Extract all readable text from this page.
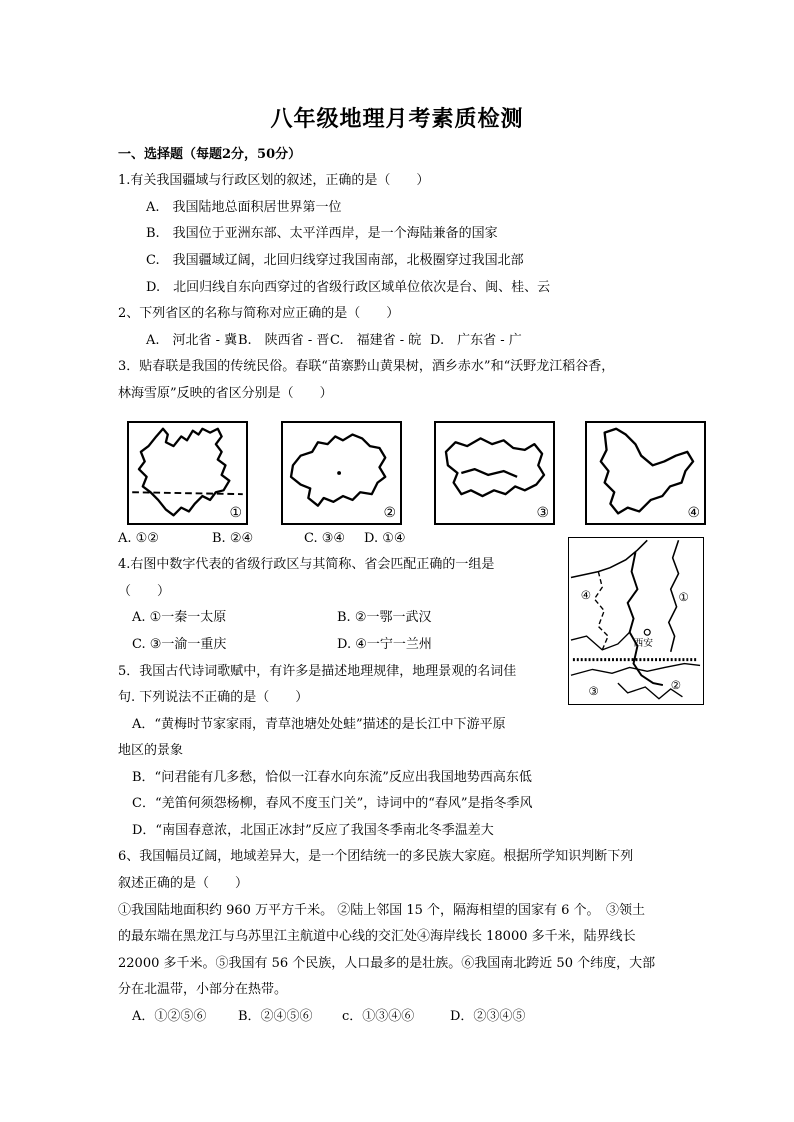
八年级地理月考素质检测
一、选择题（每题2分，50分）
1.有关我国疆域与行政区划的叙述，正确的是（　　）
A.　我国陆地总面积居世界第一位
B.　我国位于亚洲东部、太平洋西岸，是一个海陆兼备的国家
C.　我国疆域辽阔，北回归线穿过我国南部，北极圈穿过我国北部
D.　北回归线自东向西穿过的省级行政区域单位依次是台、闽、桂、云
2、下列省区的名称与简称对应正确的是（　　）
A.　河北省 - 冀B.　陕西省 - 晋C.　福建省 - 皖 D.　广东省 - 广
3．贴春联是我国的传统民俗。春联“苗寨黔山黄果树，酒乡赤水”和“沃野龙江稻谷香，
林海雪原”反映的省区分别是（　　）
①	②	③	④
A. ①②	B. ②④	C. ③④ D. ①④
4.右图中数字代表的省级行政区与其简称、省会匹配正确的一组是
（　　）
A. ①一秦一太原	B. ②一鄂一武汉
C. ③一渝一重庆	D. ④一宁一兰州
④	①
②
③
西安
5．我国古代诗词歌赋中，有许多是描述地理规律，地理景观的名词佳
句. 下列说法不正确的是（　　）
A．“黄梅时节家家雨，青草池塘处处蛙”描述的是长江中下游平原
地区的景象
B．“问君能有几多愁，恰似一江春水向东流”反应出我国地势西高东低
C．“羌笛何须怨杨柳，春风不度玉门关”，诗词中的“春风”是指冬季风
D．“南国春意浓，北国正冰封”反应了我国冬季南北冬季温差大
6、我国幅员辽阔，地域差异大，是一个团结统一的多民族大家庭。根据所学知识判断下列
叙述正确的是（　　）
①我国陆地面积约 960 万平方千米。 ②陆上邻国 15 个，隔海相望的国家有 6 个。　③领土
的最东端在黑龙江与乌苏里江主航道中心线的交汇处④海岸线长 18000 多千米，陆界线长
22000 多千米。⑤我国有 56 个民族，人口最多的是壮族。⑥我国南北跨近 50 个纬度，大部
分在北温带，小部分在热带。
A．①②⑤⑥ B．②④⑤⑥ c．①③④⑥	D．②③④⑤
